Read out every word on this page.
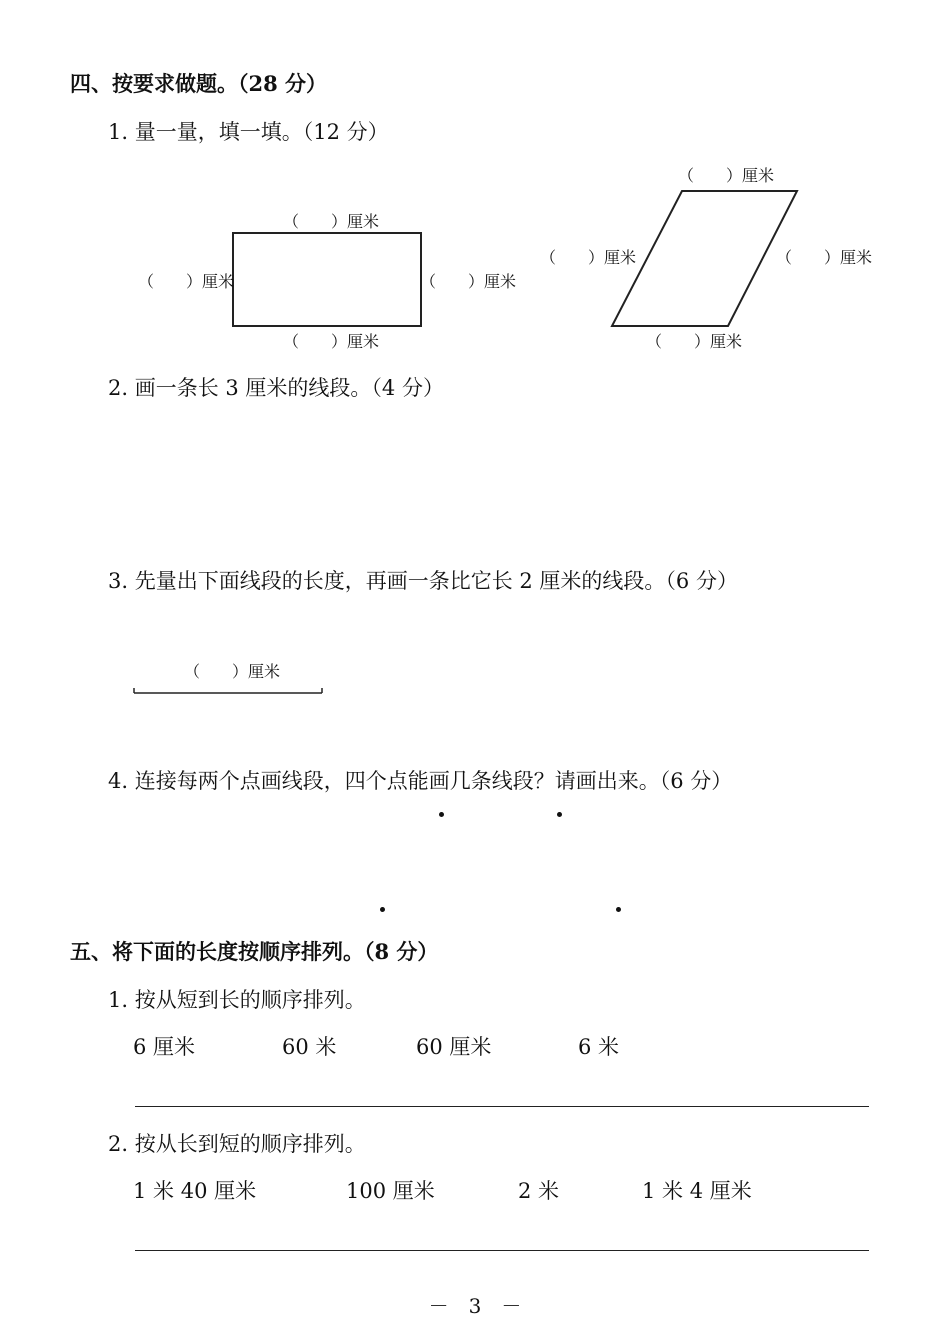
四、按要求做题。（28 分）
1. 量一量，填一填。（12 分）
（　　）厘米
（　　）厘米	（　　）厘米
（　　）厘米
（　　）厘米
（　　）厘米	（　　）厘米
（　　）厘米
2. 画一条长 3 厘米的线段。（4 分）
3. 先量出下面线段的长度，再画一条比它长 2 厘米的线段。（6 分）
（　　）厘米
4. 连接每两个点画线段，四个点能画几条线段？请画出来。（6 分）
五、将下面的长度按顺序排列。（8 分）
1. 按从短到长的顺序排列。
6 厘米	60 米	60 厘米	6 米
2. 按从长到短的顺序排列。
1 米 40 厘米	100 厘米	2 米	1 米 4 厘米
－　3　－
